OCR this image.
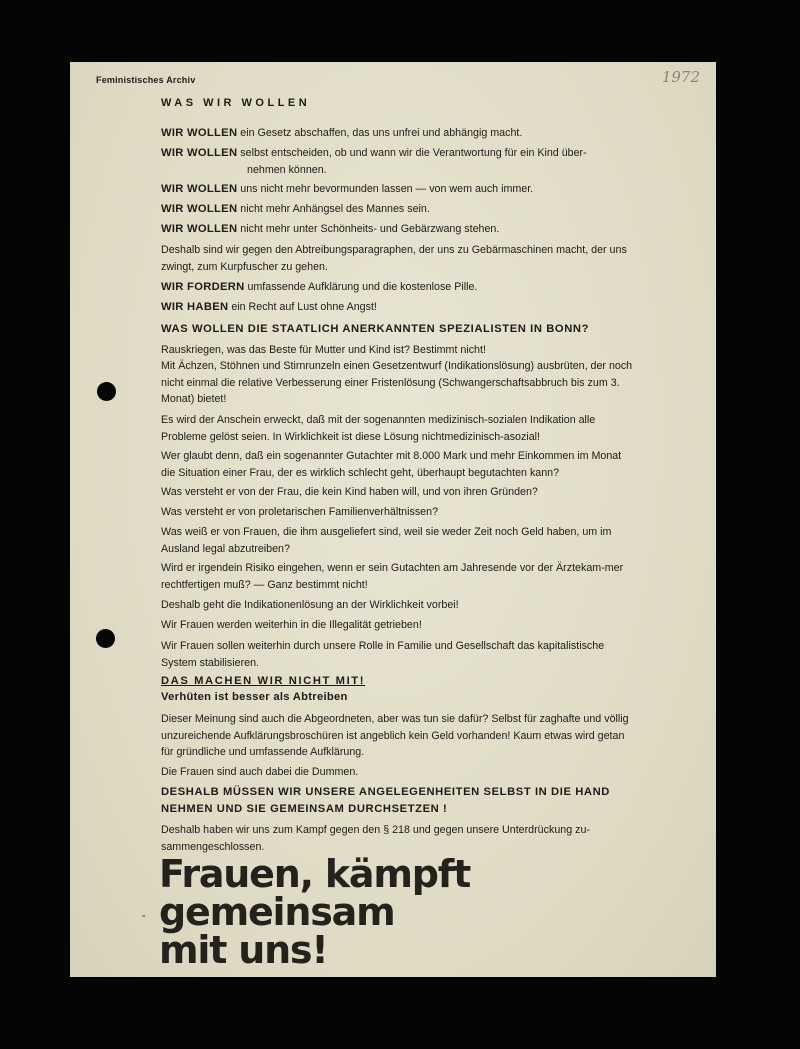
Feministisches Archiv	1972
-

WAS WIR WOLLEN

WIR WOLLEN ein Gesetz abschaffen, das uns unfrei und abhängig macht.

WIR WOLLEN selbst entscheiden, ob und wann wir die Verantwortung für ein Kind über-
nehmen können.

WIR WOLLEN uns nicht mehr bevormunden lassen — von wem auch immer.

WIR WOLLEN nicht mehr Anhängsel des Mannes sein.

WIR WOLLEN nicht mehr unter Schönheits- und Gebärzwang stehen.

Deshalb sind wir gegen den Abtreibungsparagraphen, der uns zu Gebärmaschinen macht, der uns zwingt, zum Kurpfuscher zu gehen.

WIR FORDERN umfassende Aufklärung und die kostenlose Pille.

WIR HABEN ein Recht auf Lust ohne Angst!

WAS WOLLEN DIE STAATLICH ANERKANNTEN SPEZIALISTEN IN BONN?

Rauskriegen, was das Beste für Mutter und Kind ist? Bestimmt nicht!

Mit Ächzen, Stöhnen und Stirnrunzeln einen Gesetzentwurf (Indikationslösung) ausbrüten, der noch nicht einmal die relative Verbesserung einer Fristenlösung (Schwangerschaftsabbruch bis zum 3. Monat) bietet!

Es wird der Anschein erweckt, daß mit der sogenannten medizinisch-sozialen Indikation alle Probleme gelöst seien. In Wirklichkeit ist diese Lösung nichtmedizinisch-asozial!

Wer glaubt denn, daß ein sogenannter Gutachter mit 8.000 Mark und mehr Einkommen im Monat die Situation einer Frau, der es wirklich schlecht geht, überhaupt begutachten kann?

Was versteht er von der Frau, die kein Kind haben will, und von ihren Gründen?

Was versteht er von proletarischen Familienverhältnissen?

Was weiß er von Frauen, die ihm ausgeliefert sind, weil sie weder Zeit noch Geld haben, um im Ausland legal abzutreiben?

Wird er irgendein Risiko eingehen, wenn er sein Gutachten am Jahresende vor der Ärztekam-mer rechtfertigen muß? — Ganz bestimmt nicht!

Deshalb geht die Indikationenlösung an der Wirklichkeit vorbei!

Wir Frauen werden weiterhin in die Illegalität getrieben!

Wir Frauen sollen weiterhin durch unsere Rolle in Familie und Gesellschaft das kapitalistische System stabilisieren.

DAS MACHEN WIR NICHT MIT!

Verhüten ist besser als Abtreiben

Dieser Meinung sind auch die Abgeordneten, aber was tun sie dafür? Selbst für zaghafte und völlig unzureichende Aufklärungsbroschüren ist angeblich kein Geld vorhanden! Kaum etwas wird getan für gründliche und umfassende Aufklärung.

Die Frauen sind auch dabei die Dummen.

DESHALB MÜSSEN WIR UNSERE ANGELEGENHEITEN SELBST IN DIE HAND NEHMEN UND SIE GEMEINSAM DURCHSETZEN !

Deshalb haben wir uns zum Kampf gegen den § 218 und gegen unsere Unterdrückung zu-sammengeschlossen.

Frauen, kämpft gemeinsam
mit uns!
